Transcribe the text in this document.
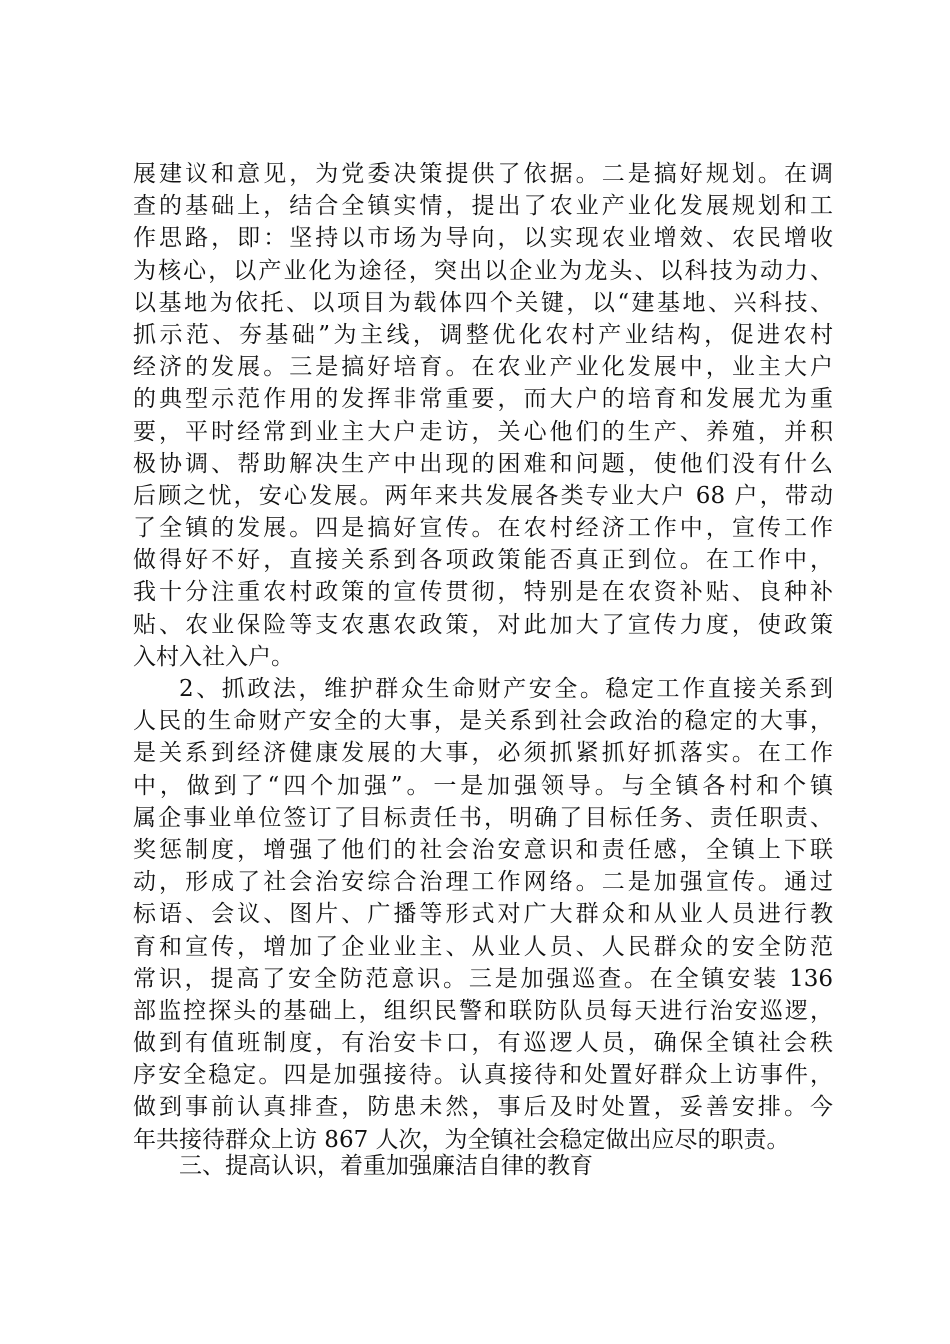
展建议和意见，为党委决策提供了依据。二是搞好规划。在调
查的基础上，结合全镇实情，提出了农业产业化发展规划和工
作思路，即：坚持以市场为导向，以实现农业增效、农民增收
为核心，以产业化为途径，突出以企业为龙头、以科技为动力、
以基地为依托、以项目为载体四个关键，以“建基地、兴科技、
抓示范、夯基础”为主线，调整优化农村产业结构，促进农村
经济的发展。三是搞好培育。在农业产业化发展中，业主大户
的典型示范作用的发挥非常重要，而大户的培育和发展尤为重
要，平时经常到业主大户走访，关心他们的生产、养殖，并积
极协调、帮助解决生产中出现的困难和问题，使他们没有什么
后顾之忧，安心发展。两年来共发展各类专业大户 68 户，带动
了全镇的发展。四是搞好宣传。在农村经济工作中，宣传工作
做得好不好，直接关系到各项政策能否真正到位。在工作中，
我十分注重农村政策的宣传贯彻，特别是在农资补贴、良种补
贴、农业保险等支农惠农政策，对此加大了宣传力度，使政策
入村入社入户。
2、抓政法，维护群众生命财产安全。稳定工作直接关系到
人民的生命财产安全的大事，是关系到社会政治的稳定的大事，
是关系到经济健康发展的大事，必须抓紧抓好抓落实。在工作
中，做到了“四个加强”。一是加强领导。与全镇各村和个镇
属企事业单位签订了目标责任书，明确了目标任务、责任职责、
奖惩制度，增强了他们的社会治安意识和责任感，全镇上下联
动，形成了社会治安综合治理工作网络。二是加强宣传。通过
标语、会议、图片、广播等形式对广大群众和从业人员进行教
育和宣传，增加了企业业主、从业人员、人民群众的安全防范
常识，提高了安全防范意识。三是加强巡查。在全镇安装 136
部监控探头的基础上，组织民警和联防队员每天进行治安巡逻，
做到有值班制度，有治安卡口，有巡逻人员，确保全镇社会秩
序安全稳定。四是加强接待。认真接待和处置好群众上访事件，
做到事前认真排查，防患未然，事后及时处置，妥善安排。今
年共接待群众上访 867 人次，为全镇社会稳定做出应尽的职责。
三、提高认识，着重加强廉洁自律的教育
